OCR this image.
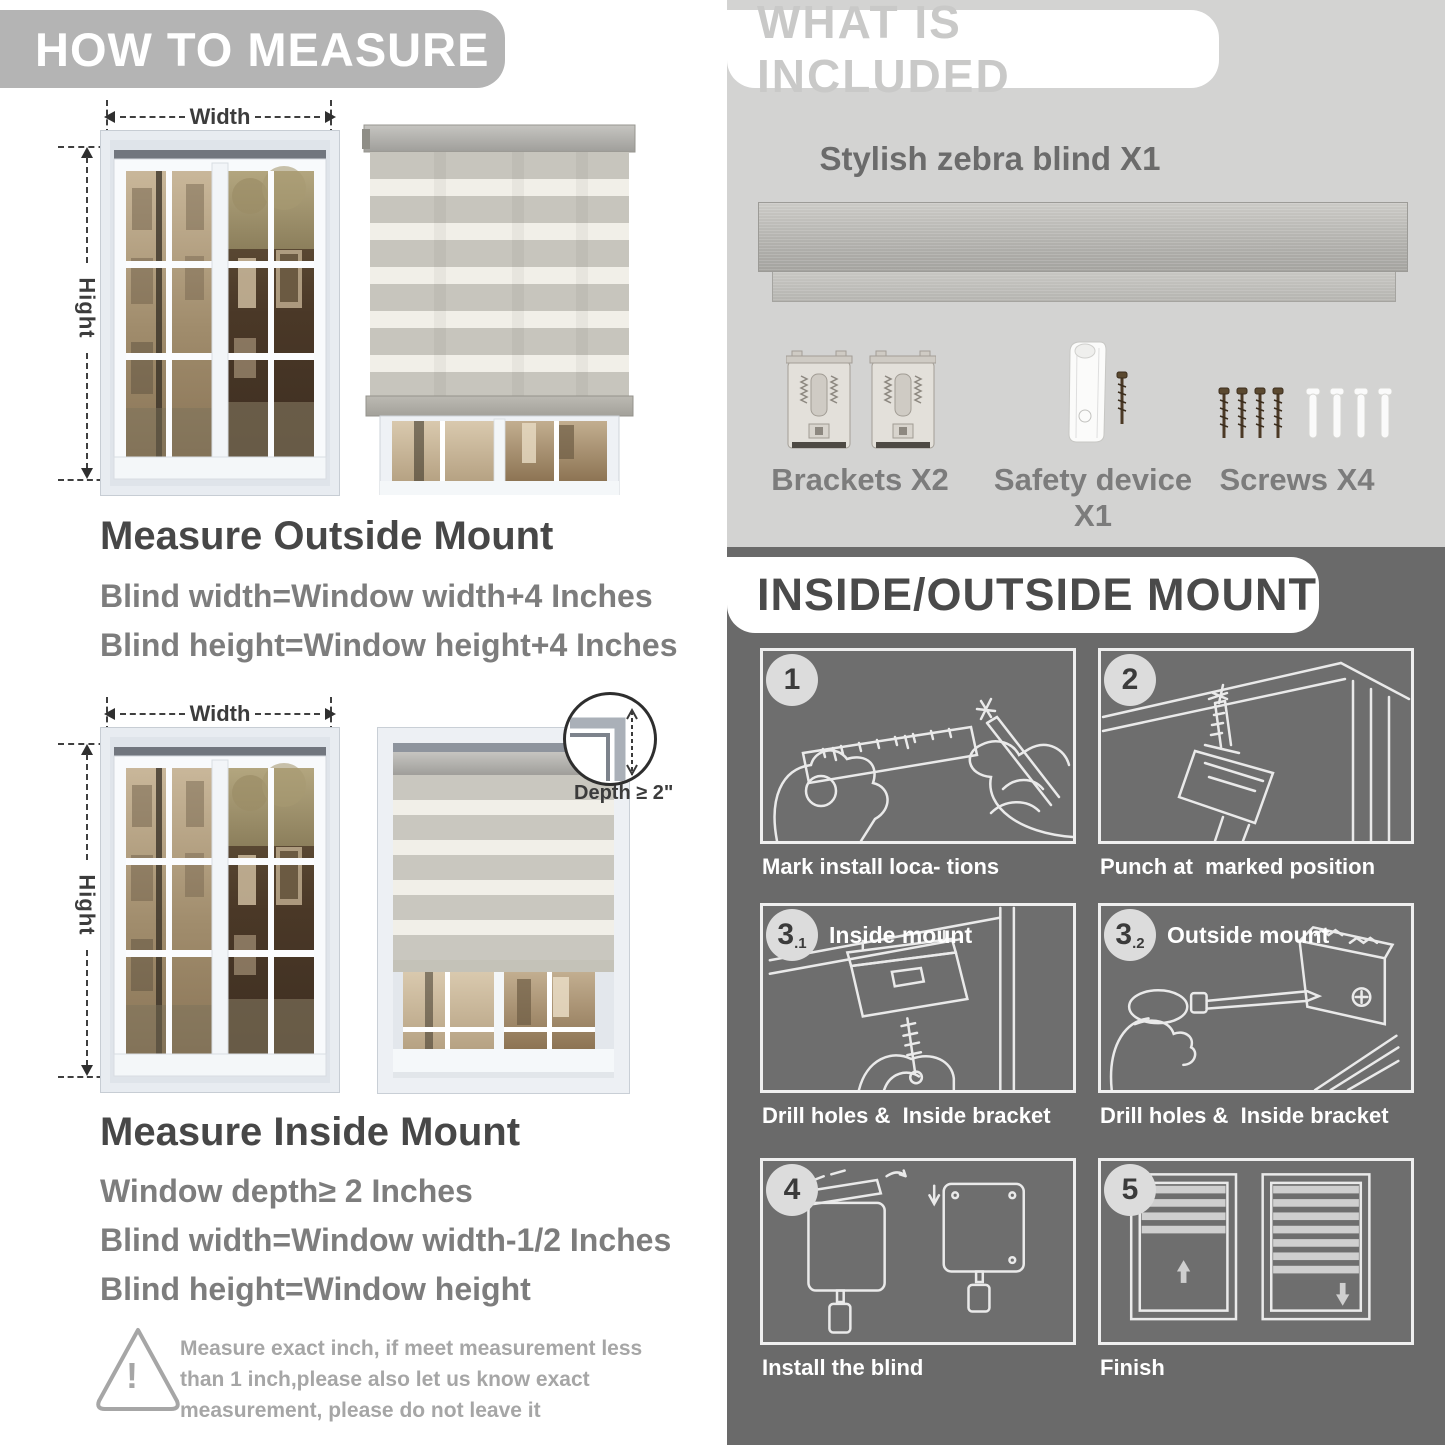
HOW TO MEASURE
Width
Hight
Measure Outside Mount
Blind width=Window width+4 Inches
Blind height=Window height+4 Inches
Width
Hight
Depth ≥ 2"
Measure Inside Mount
Window depth≥ 2 Inches
Blind width=Window width-1/2 Inches
Blind height=Window height
!
Measure exact inch, if meet measurement less than 1 inch,please also let us know exact measurement, please do not leave it
WHAT IS INCLUDED
Stylish zebra blind X1
Brackets X2 Safety device X1
Screws X4
INSIDE/OUTSIDE MOUNT
1
Mark install loca- tions
2
Punch at  marked position
3 .1 Inside mount
Drill holes &  Inside bracket
3 .2 Outside mount
Drill holes &  Inside bracket
4
Install the blind
5
Finish
